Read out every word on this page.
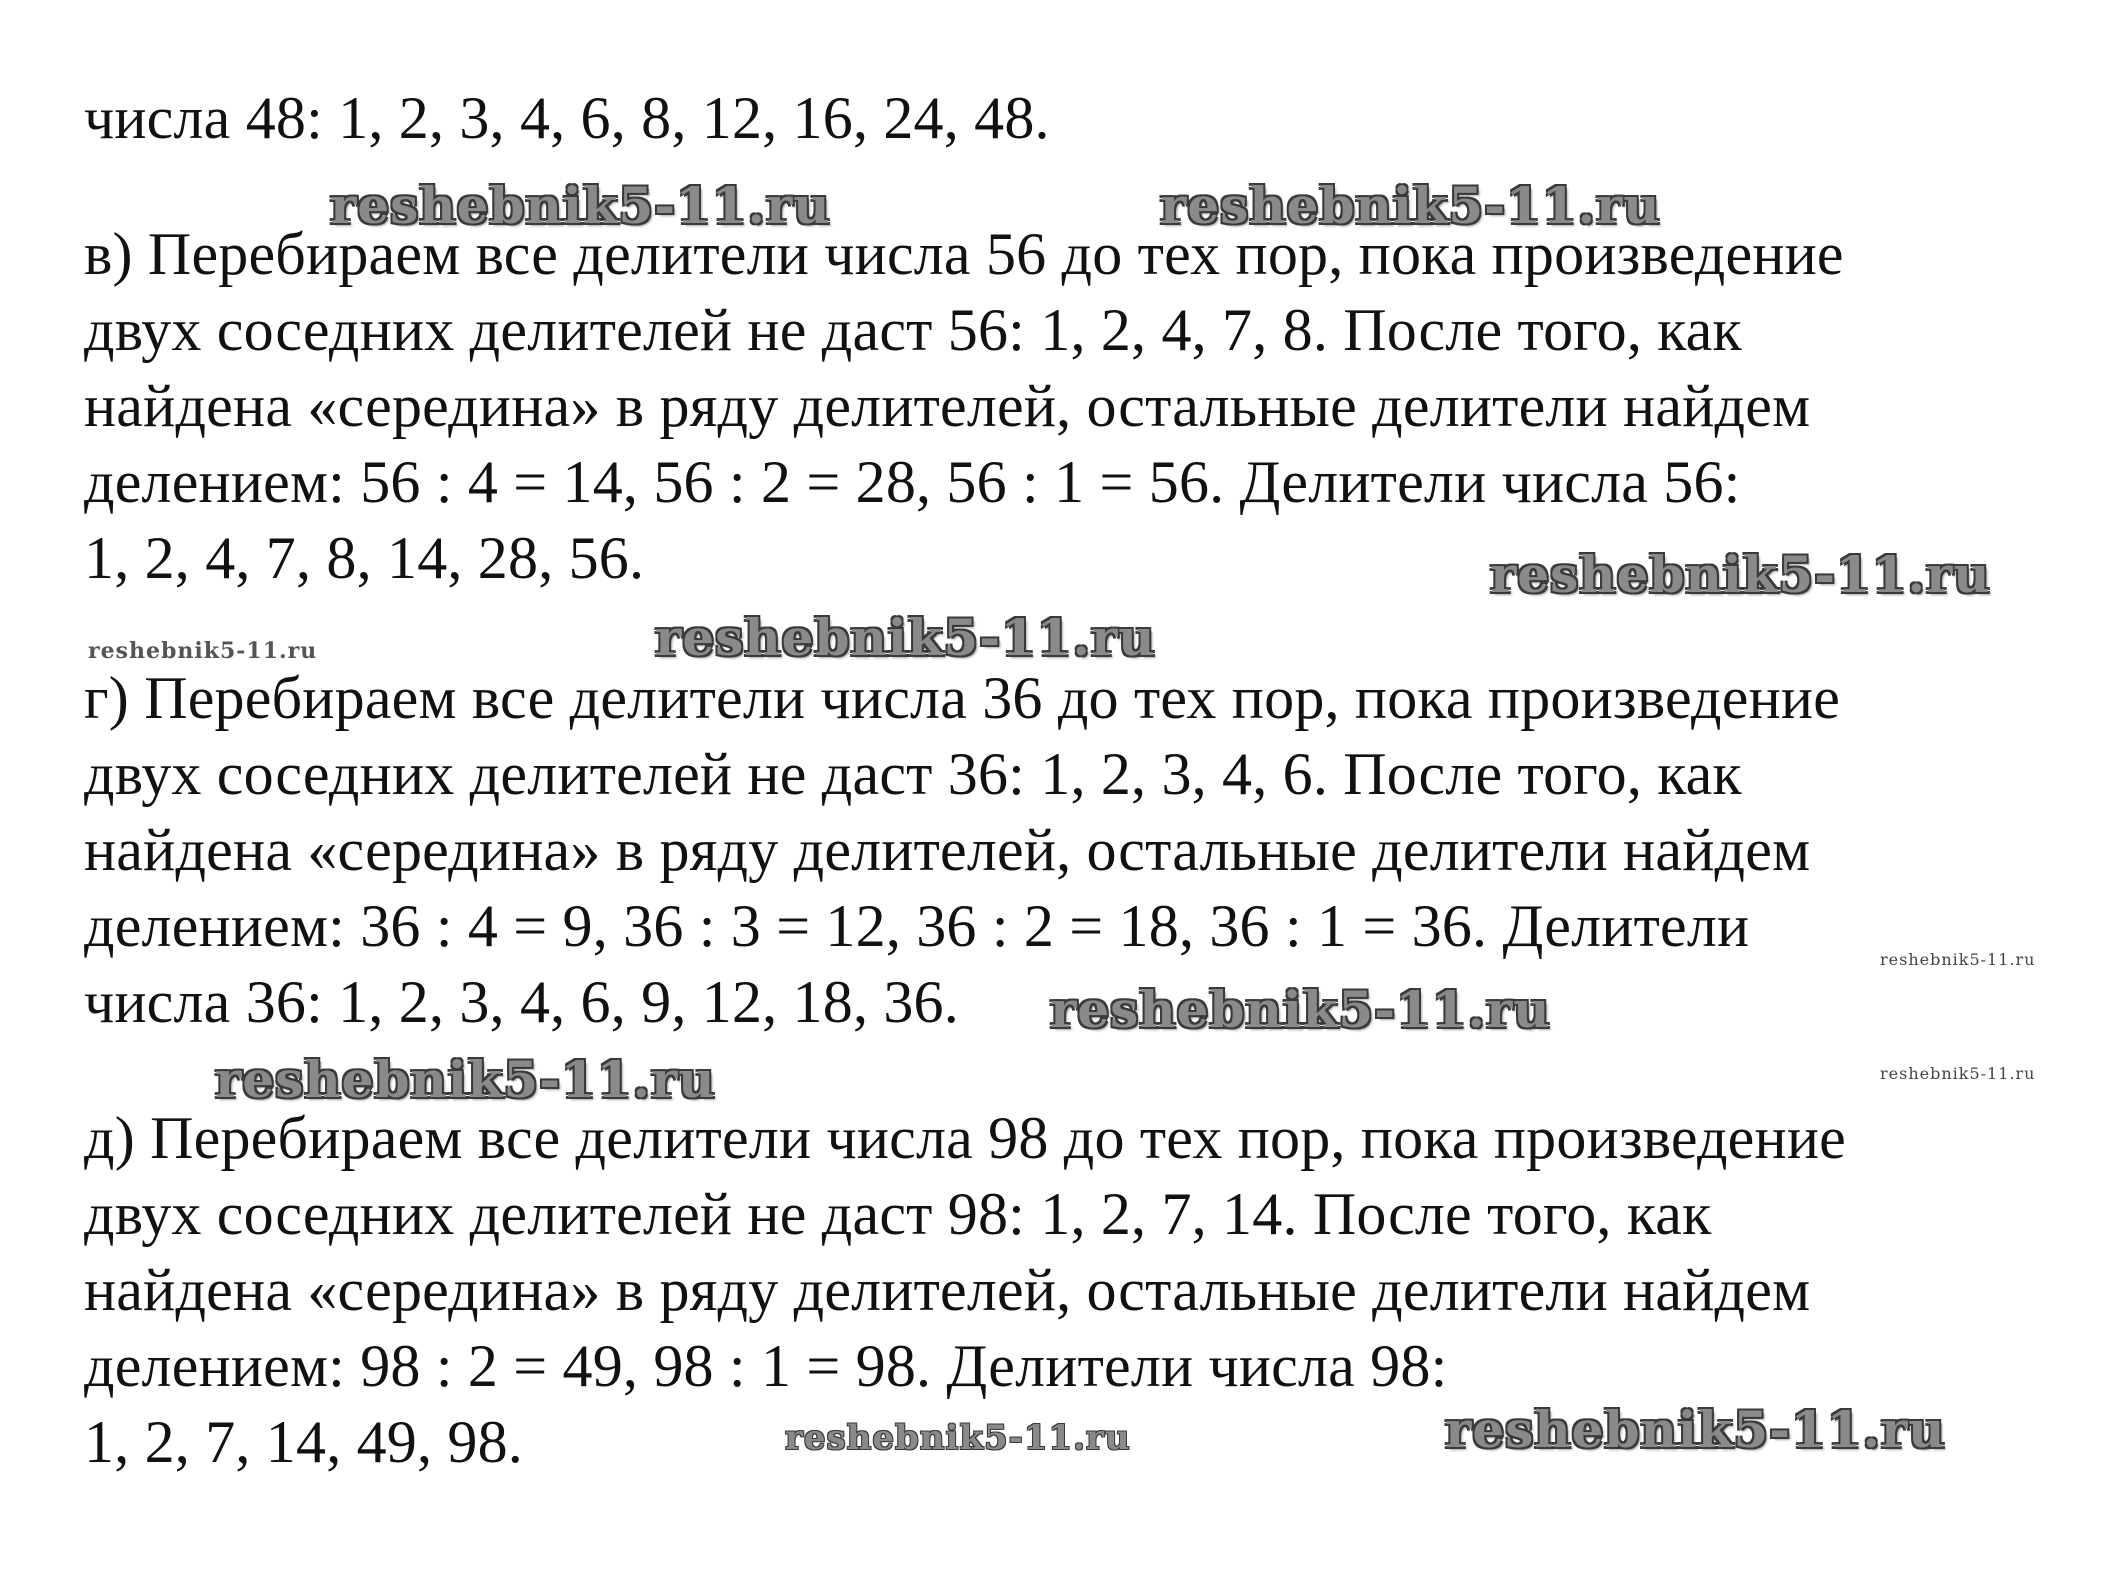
числа 48: 1, 2, 3, 4, 6, 8, 12, 16, 24, 48.
reshebnik5-11.ru	reshebnik5-11.ru
в) Перебираем все делители числа 56 до тех пор, пока произведение
двух соседних делителей не даст 56: 1, 2, 4, 7, 8. После того, как
найдена «середина» в ряду делителей, остальные делители найдем
делением: 56 : 4 = 14, 56 : 2 = 28, 56 : 1 = 56. Делители числа 56:
1, 2, 4, 7, 8, 14, 28, 56.	reshebnik5-11.ru
reshebnik5-11.ru	reshebnik5-11.ru
г) Перебираем все делители числа 36 до тех пор, пока произведение
двух соседних делителей не даст 36: 1, 2, 3, 4, 6. После того, как
найдена «середина» в ряду делителей, остальные делители найдем
делением: 36 : 4 = 9, 36 : 3 = 12, 36 : 2 = 18, 36 : 1 = 36. Делители
reshebnik5-11.ru
числа 36: 1, 2, 3, 4, 6, 9, 12, 18, 36. reshebnik5-11.ru
reshebnik5-11.ru	reshebnik5-11.ru
д) Перебираем все делители числа 98 до тех пор, пока произведение
двух соседних делителей не даст 98: 1, 2, 7, 14. После того, как
найдена «середина» в ряду делителей, остальные делители найдем
делением: 98 : 2 = 49, 98 : 1 = 98. Делители числа 98:
reshebnik5-11.ru
reshebnik5-11.ru
1, 2, 7, 14, 49, 98.
